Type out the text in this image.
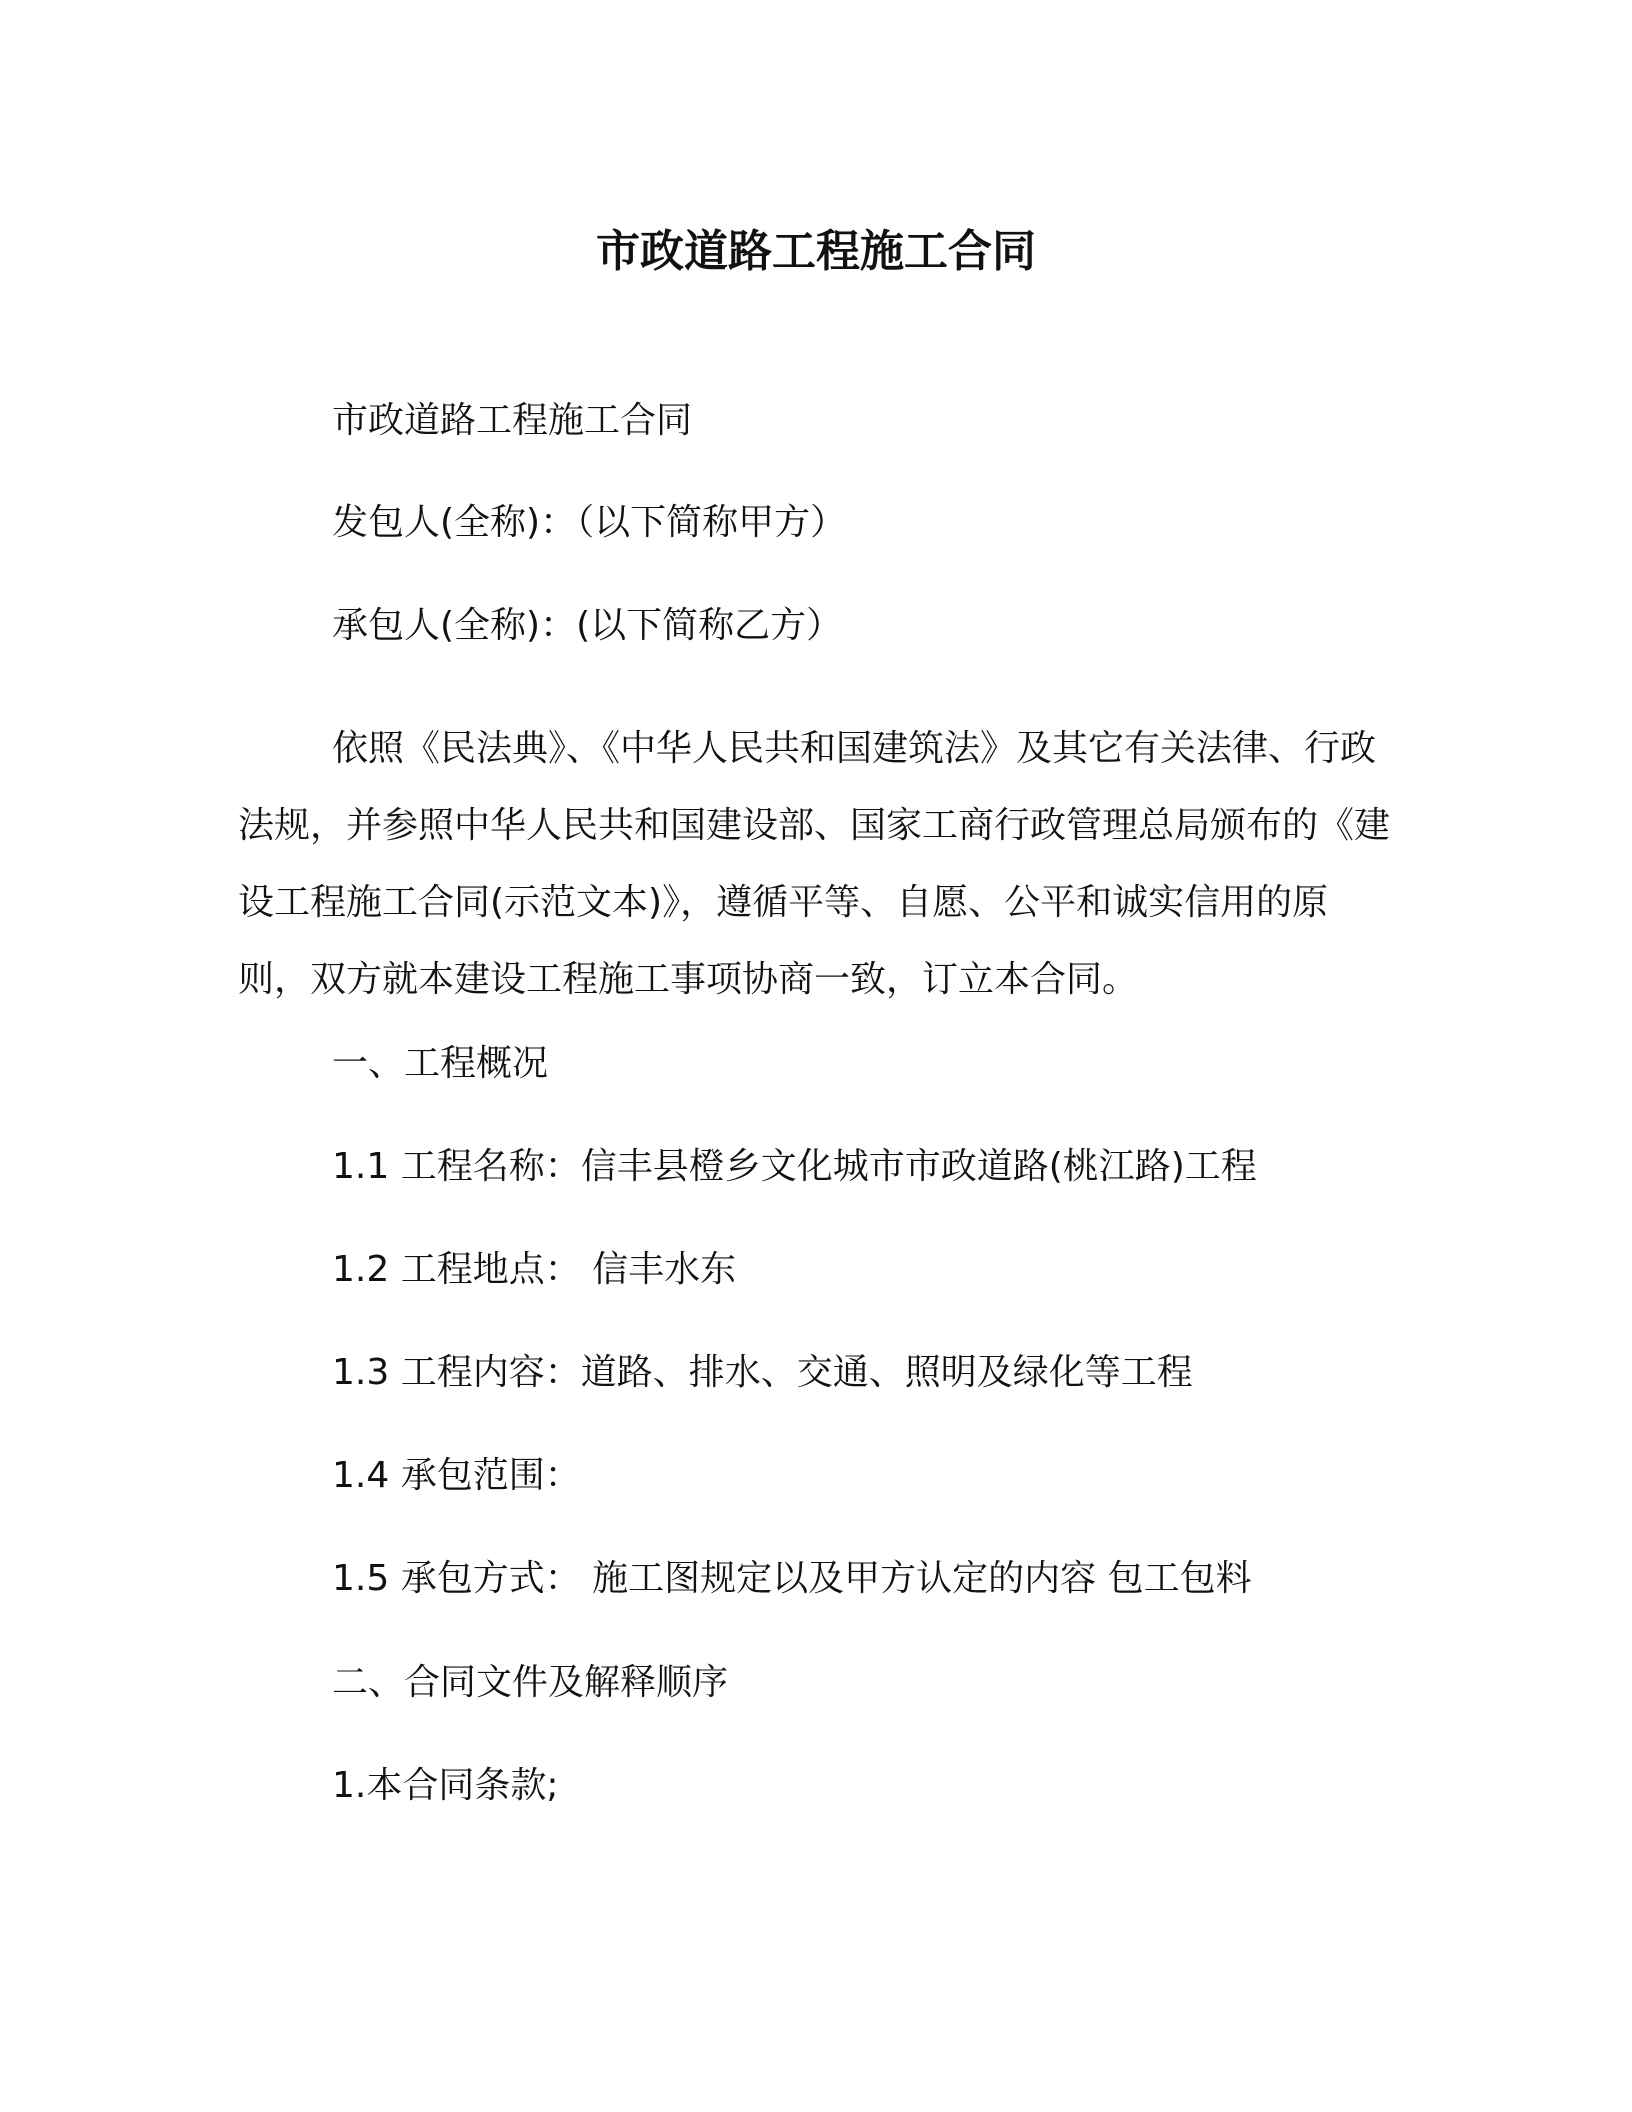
市政道路工程施工合同
市政道路工程施工合同
发包人(全称)：（以下简称甲方）
承包人(全称)：(以下简称乙方）
依照《民法典》、《中华人民共和国建筑法》及其它有关法律、行政法规，并参照中华人民共和国建设部、国家工商行政管理总局颁布的《建设工程施工合同(示范文本)》，遵循平等、自愿、公平和诚实信用的原则，双方就本建设工程施工事项协商一致，订立本合同。
一、工程概况
1.1 工程名称：信丰县橙乡文化城市市政道路(桃江路)工程
1.2 工程地点： 信丰水东
1.3 工程内容：道路、排水、交通、照明及绿化等工程
1.4 承包范围：
1.5 承包方式： 施工图规定以及甲方认定的内容 包工包料
二、合同文件及解释顺序
1.本合同条款;
